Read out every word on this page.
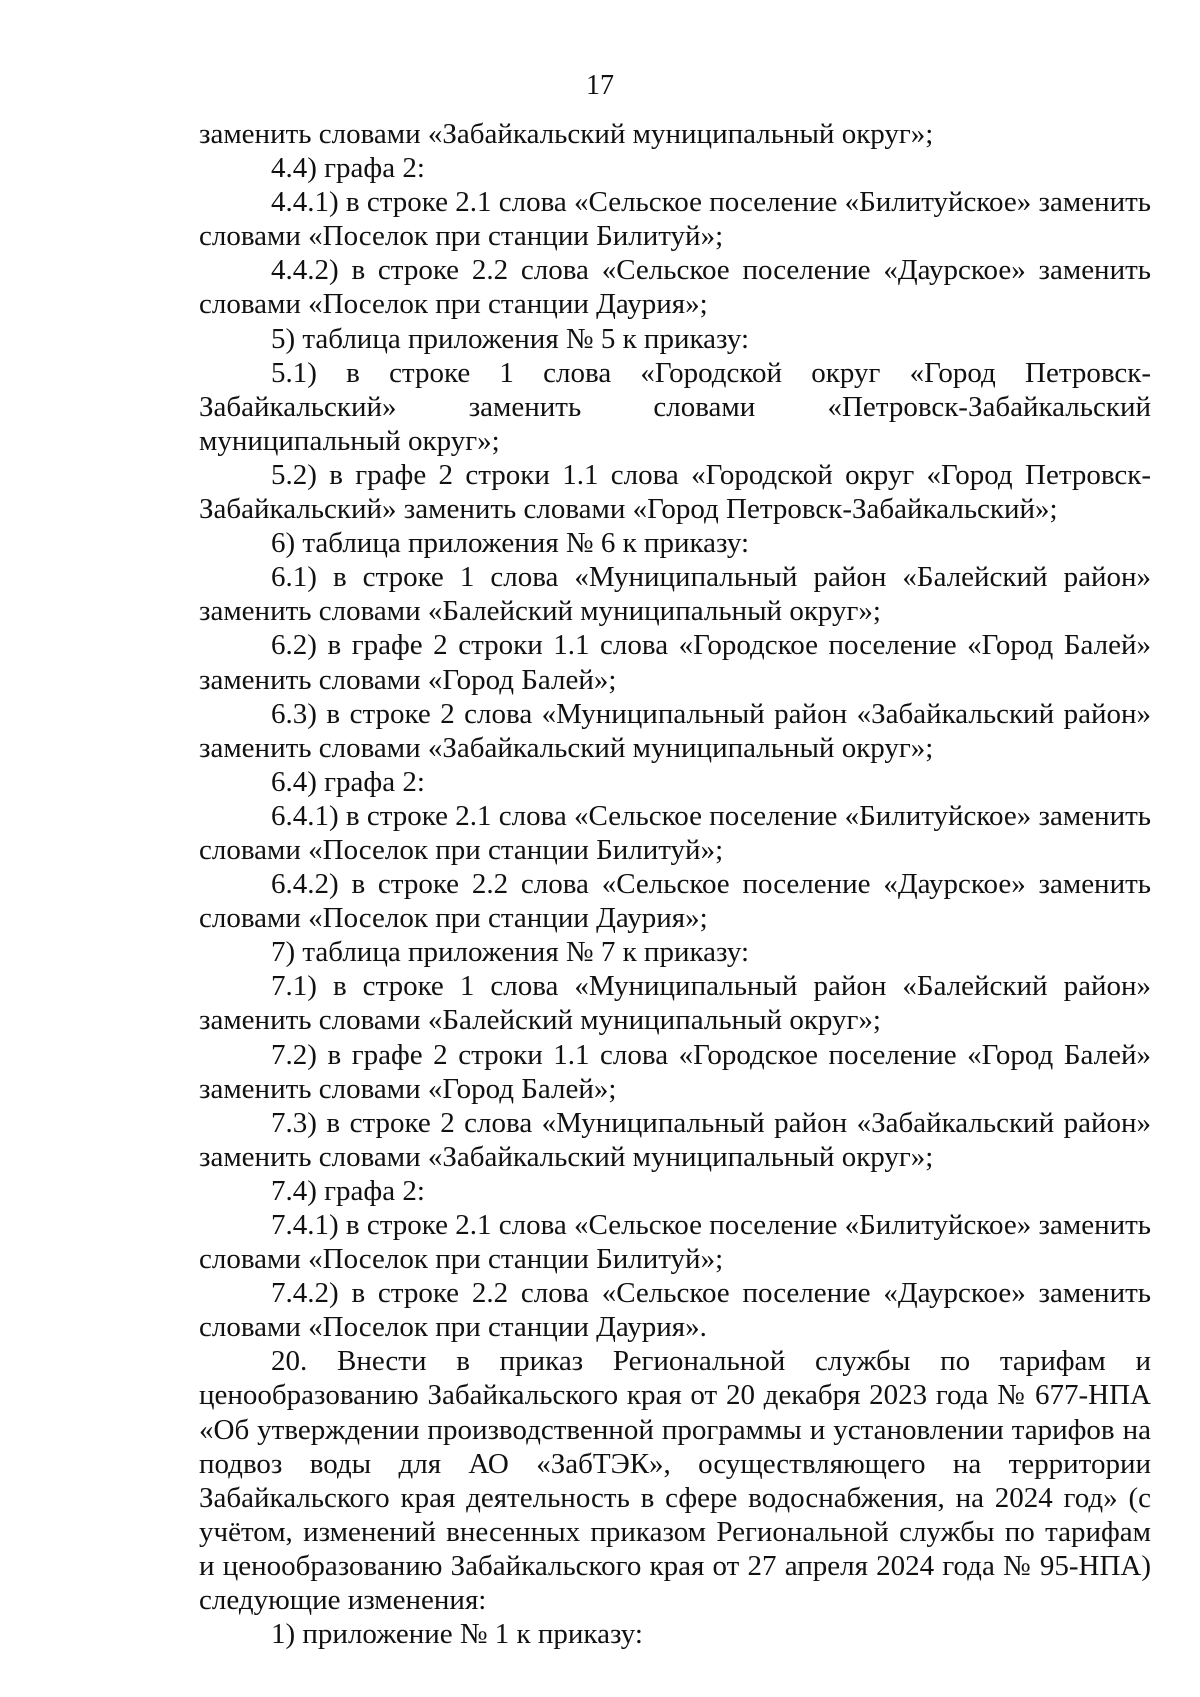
17

заменить словами «Забайкальский муниципальный округ»;

4.4) графа 2:

4.4.1) в строке 2.1 слова «Сельское поселение «Билитуйское» заменить словами «Поселок при станции Билитуй»;

4.4.2) в строке 2.2 слова «Сельское поселение «Даурское» заменить словами «Поселок при станции Даурия»;

5) таблица приложения № 5 к приказу:

5.1) в строке 1 слова «Городской округ «Город Петровск-Забайкальский» заменить словами «Петровск-Забайкальский муниципальный округ»;

5.2) в графе 2 строки 1.1 слова «Городской округ «Город Петровск-Забайкальский» заменить словами «Город Петровск-Забайкальский»;

6) таблица приложения № 6 к приказу:

6.1) в строке 1 слова «Муниципальный район «Балейский район» заменить словами «Балейский муниципальный округ»;

6.2) в графе 2 строки 1.1 слова «Городское поселение «Город Балей» заменить словами «Город Балей»;

6.3) в строке 2 слова «Муниципальный район «Забайкальский район» заменить словами «Забайкальский муниципальный округ»;

6.4) графа 2:

6.4.1) в строке 2.1 слова «Сельское поселение «Билитуйское» заменить словами «Поселок при станции Билитуй»;

6.4.2) в строке 2.2 слова «Сельское поселение «Даурское» заменить словами «Поселок при станции Даурия»;

7) таблица приложения № 7 к приказу:

7.1) в строке 1 слова «Муниципальный район «Балейский район» заменить словами «Балейский муниципальный округ»;

7.2) в графе 2 строки 1.1 слова «Городское поселение «Город Балей» заменить словами «Город Балей»;

7.3) в строке 2 слова «Муниципальный район «Забайкальский район» заменить словами «Забайкальский муниципальный округ»;

7.4) графа 2:

7.4.1) в строке 2.1 слова «Сельское поселение «Билитуйское» заменить словами «Поселок при станции Билитуй»;

7.4.2) в строке 2.2 слова «Сельское поселение «Даурское» заменить словами «Поселок при станции Даурия».

20. Внести в приказ Региональной службы по тарифам и ценообразованию Забайкальского края от 20 декабря 2023 года № 677-НПА «Об утверждении производственной программы и установлении тарифов на подвоз воды для АО «ЗабТЭК», осуществляющего на территории Забайкальского края деятельность в сфере водоснабжения, на 2024 год» (с учётом, изменений внесенных приказом Региональной службы по тарифам и ценообразованию Забайкальского края от 27 апреля 2024 года № 95-НПА) следующие изменения:

1) приложение № 1 к приказу:
